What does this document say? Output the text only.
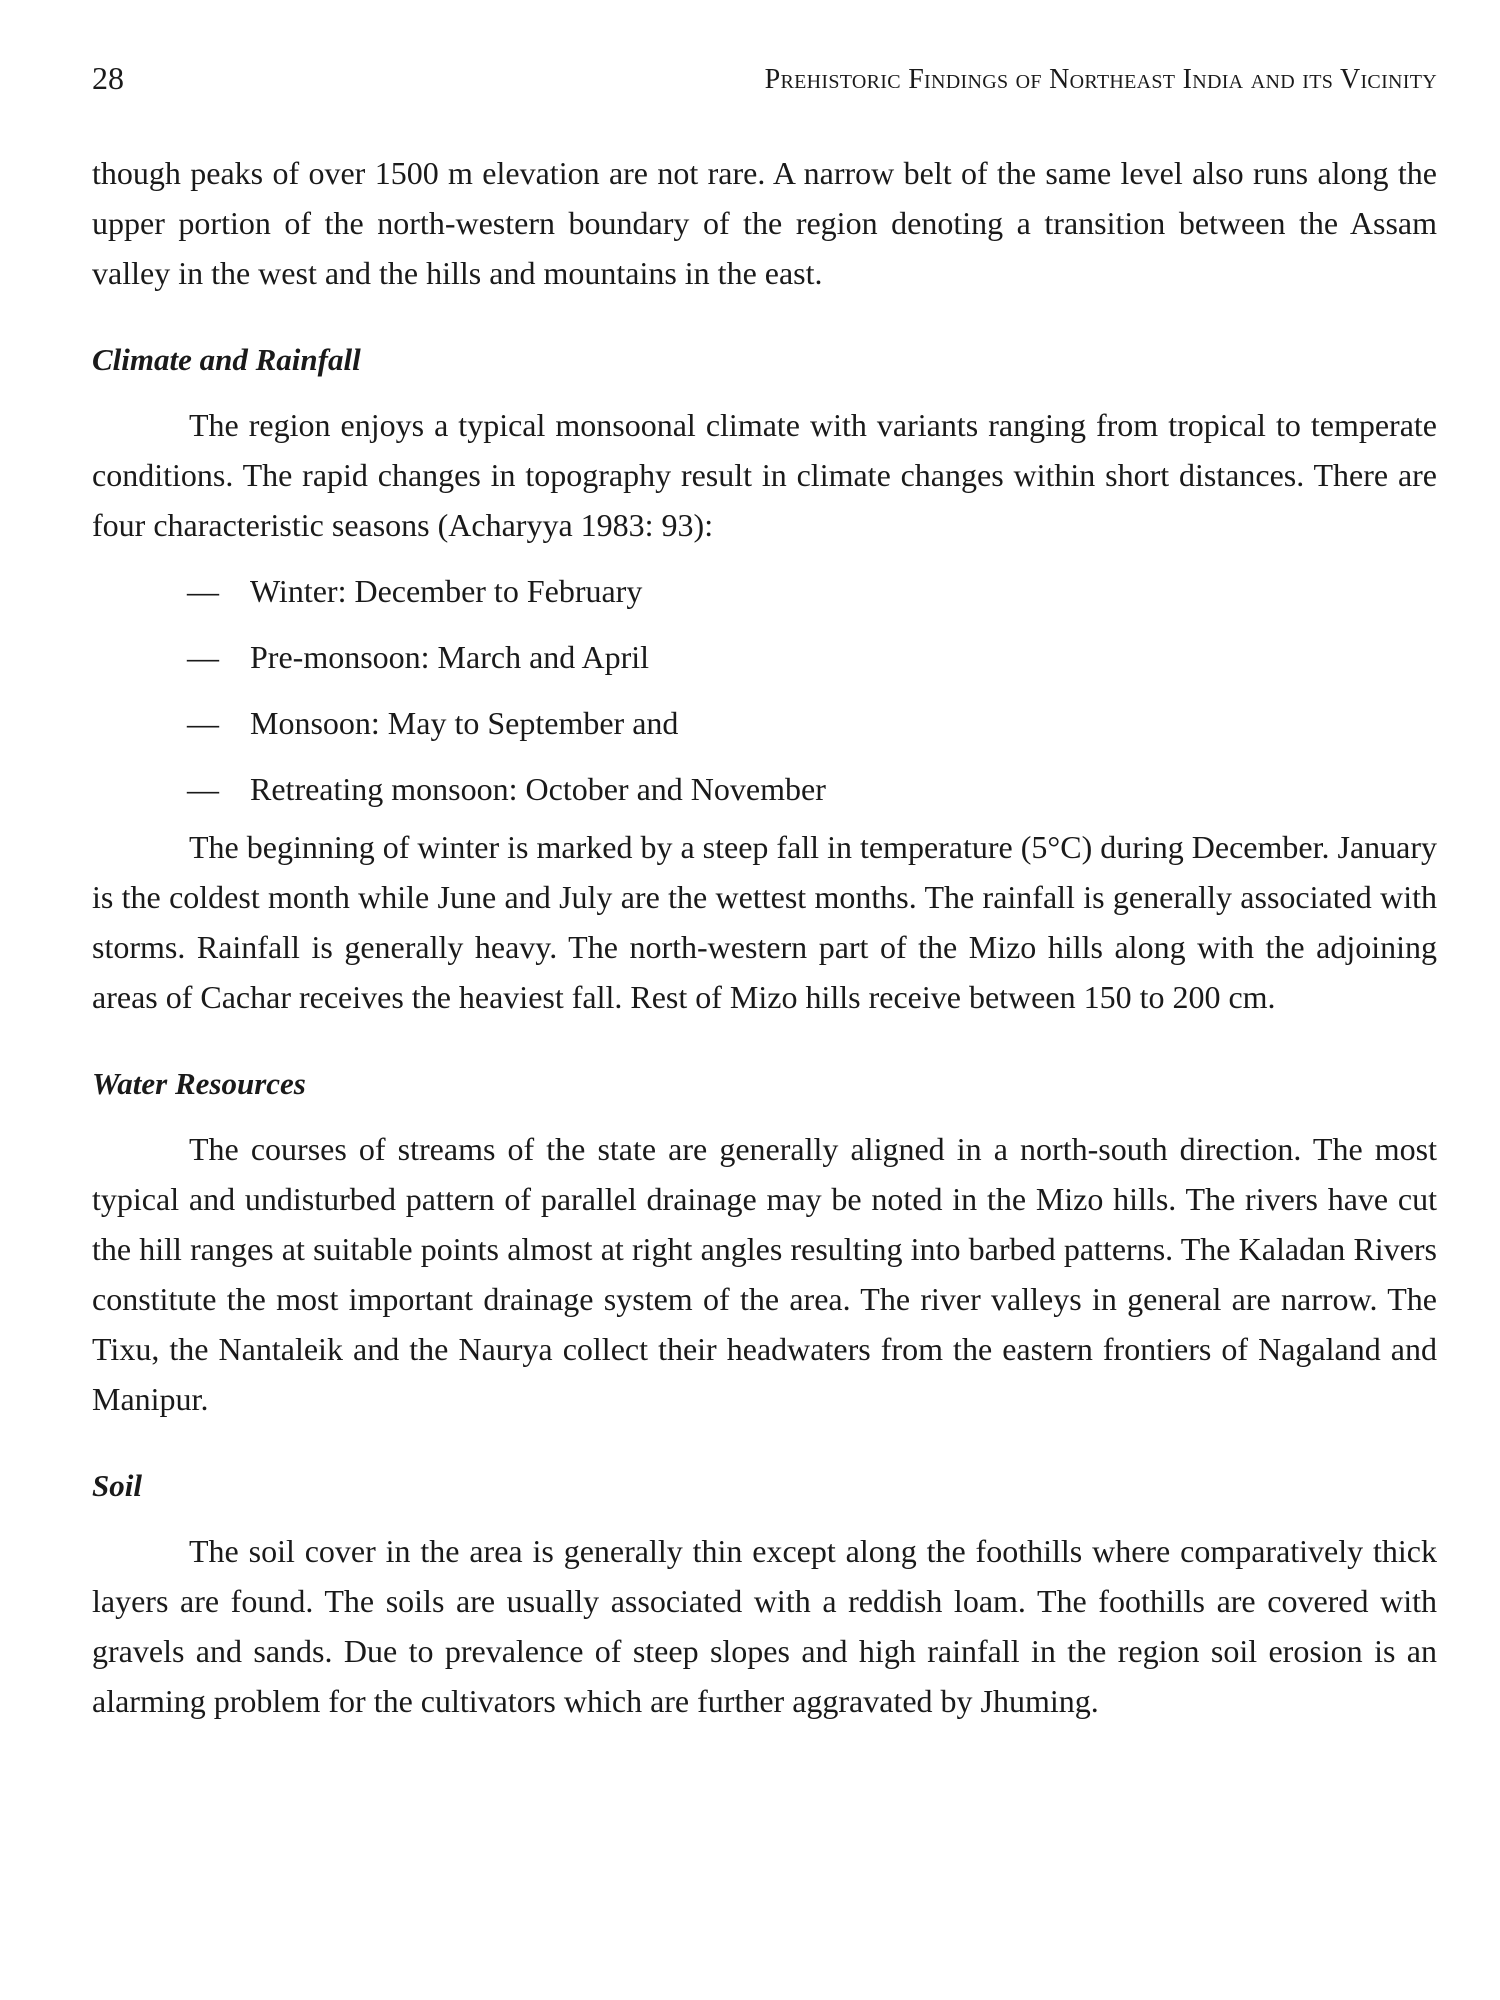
28	Prehistoric Findings of Northeast India and its Vicinity

though peaks of over 1500 m elevation are not rare. A narrow belt of the same level also runs along the upper portion of the north-western boundary of the region denoting a transition between the Assam valley in the west and the hills and mountains in the east.

Climate and Rainfall

The region enjoys a typical monsoonal climate with variants ranging from tropical to temperate conditions. The rapid changes in topography result in climate changes within short distances. There are four characteristic seasons (Acharyya 1983: 93):

— Winter: December to February
— Pre-monsoon: March and April
— Monsoon: May to September and
— Retreating monsoon: October and November

The beginning of winter is marked by a steep fall in temperature (5°C) during December. January is the coldest month while June and July are the wettest months. The rainfall is generally associated with storms. Rainfall is generally heavy. The north-western part of the Mizo hills along with the adjoining areas of Cachar receives the heaviest fall. Rest of Mizo hills receive between 150 to 200 cm.

Water Resources

The courses of streams of the state are generally aligned in a north-south direction. The most typical and undisturbed pattern of parallel drainage may be noted in the Mizo hills. The rivers have cut the hill ranges at suitable points almost at right angles resulting into barbed patterns. The Kaladan Rivers constitute the most important drainage system of the area. The river valleys in general are narrow. The Tixu, the Nantaleik and the Naurya collect their headwaters from the eastern frontiers of Nagaland and Manipur.

Soil

The soil cover in the area is generally thin except along the foothills where comparatively thick layers are found. The soils are usually associated with a reddish loam. The foothills are covered with gravels and sands. Due to prevalence of steep slopes and high rainfall in the region soil erosion is an alarming problem for the cultivators which are further aggravated by Jhuming.
